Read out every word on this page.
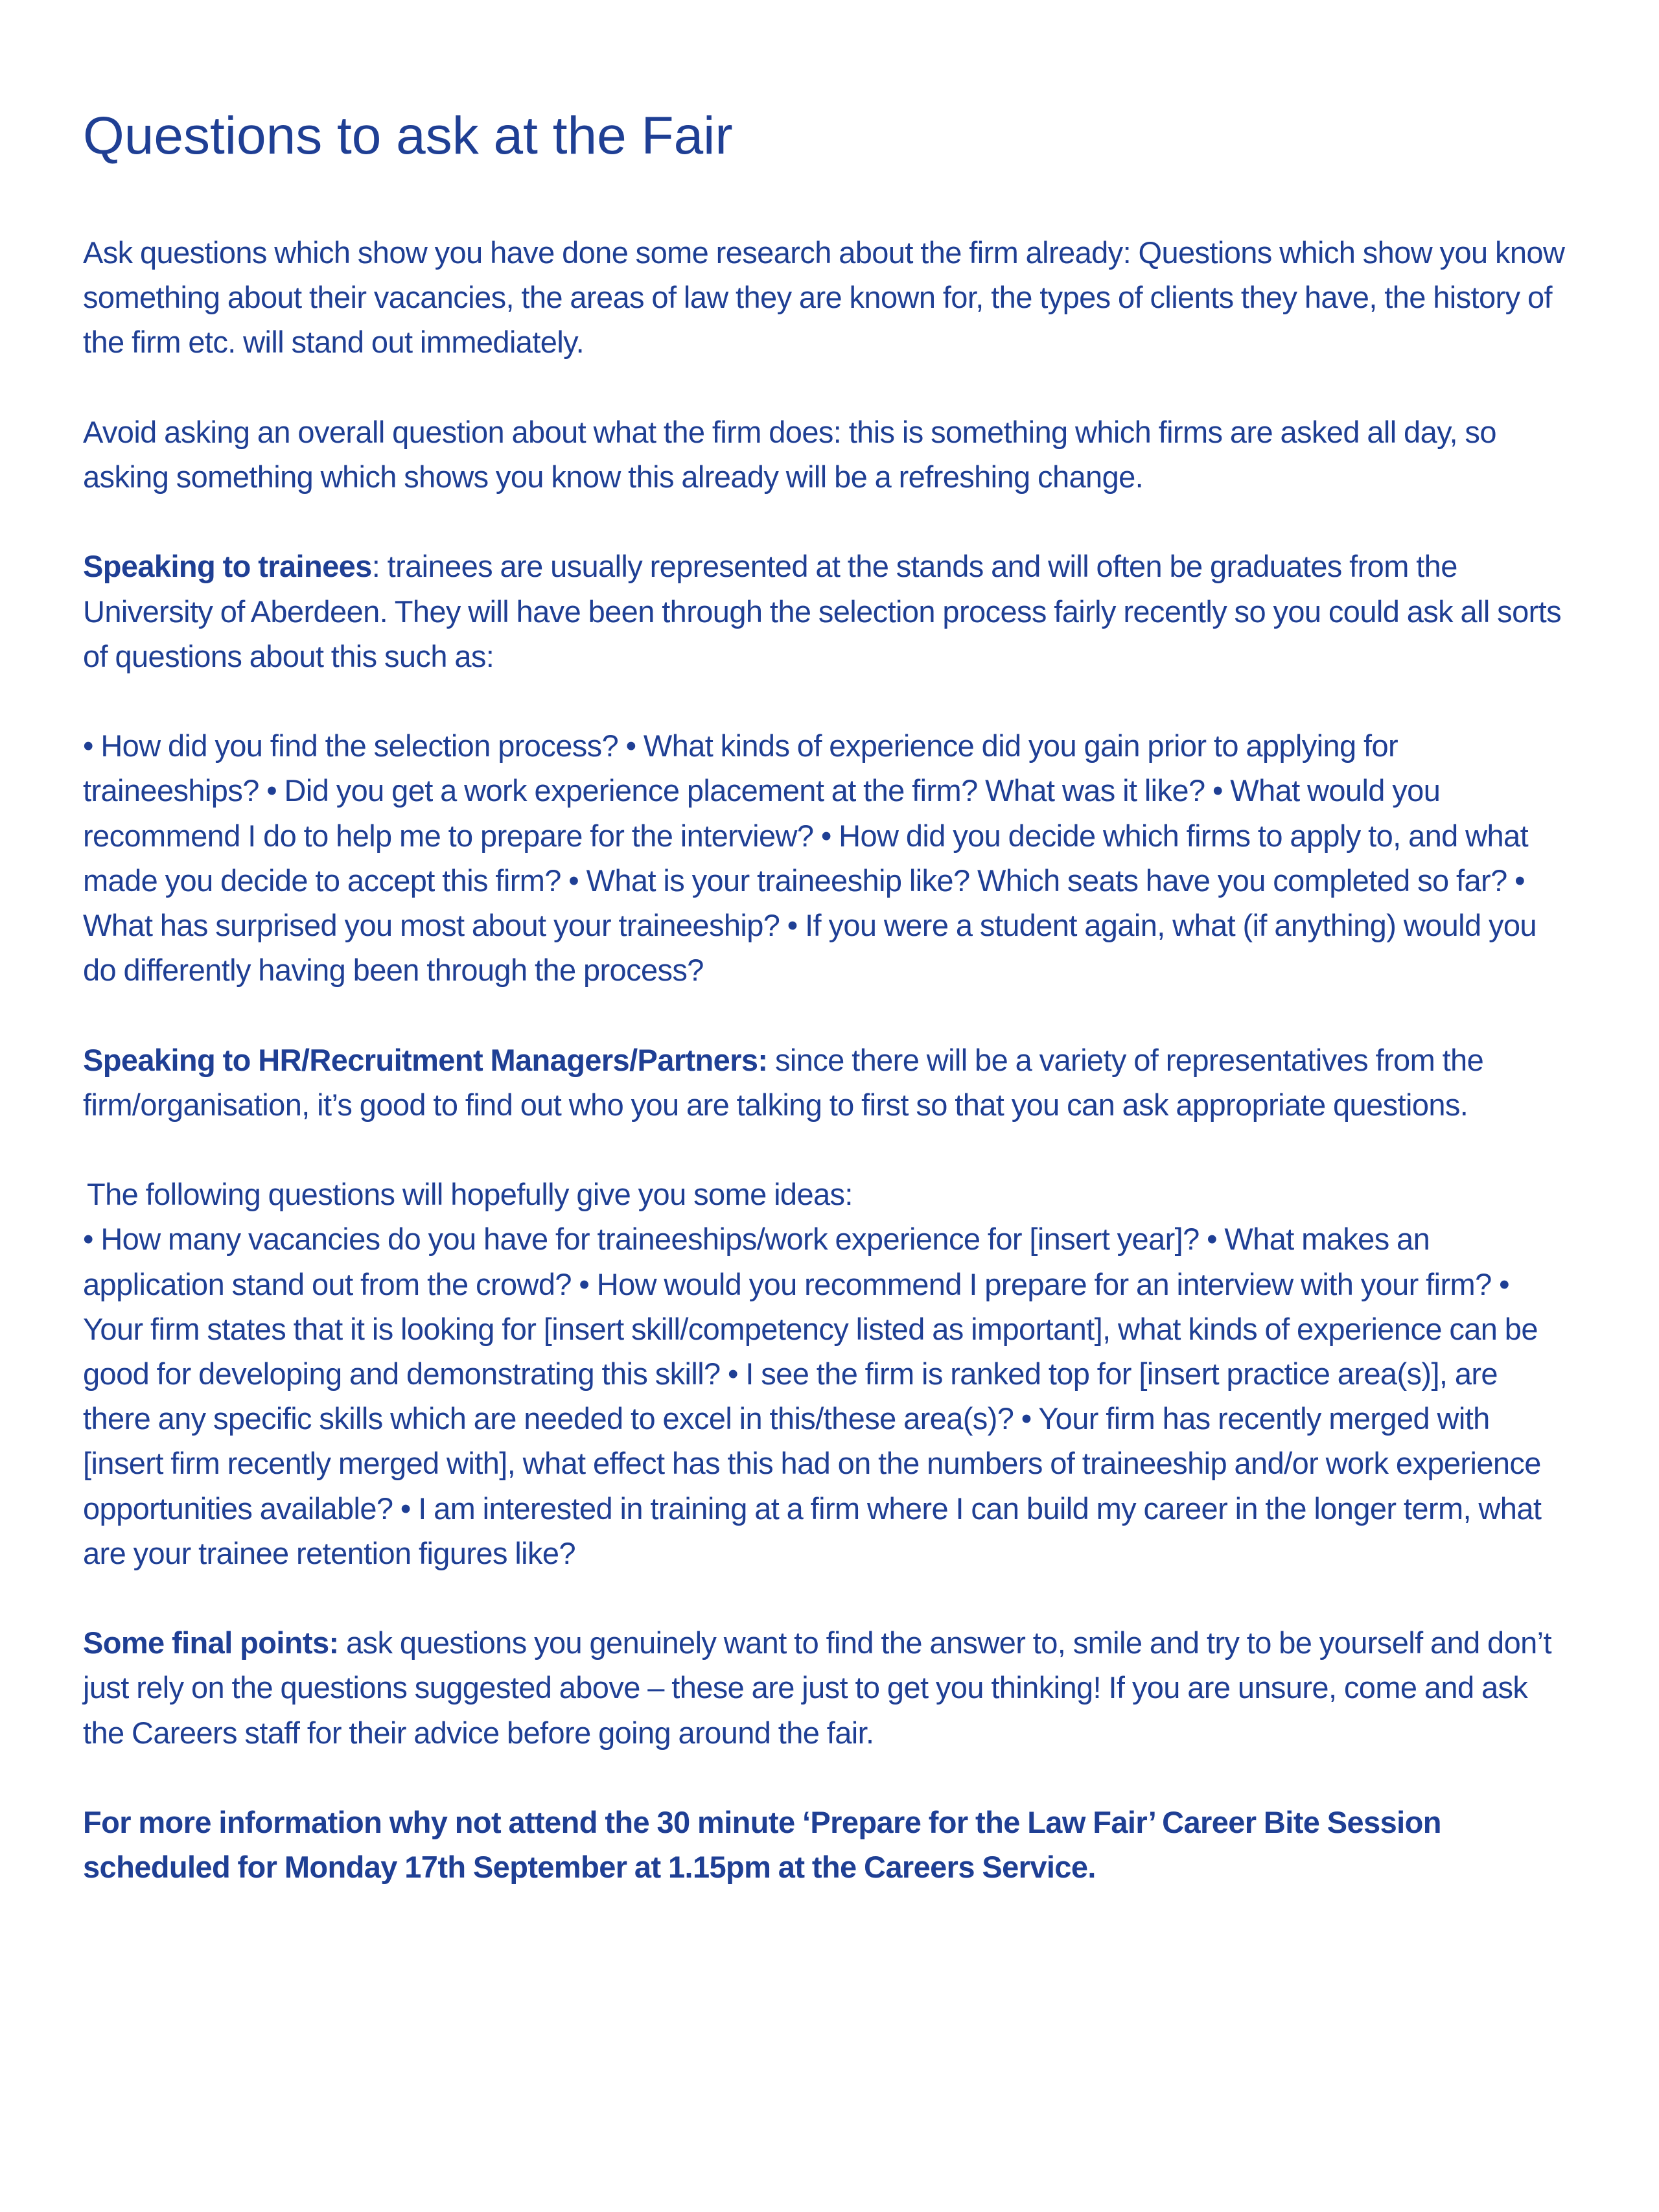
Questions to ask at the Fair

Ask questions which show you have done some research about the firm already: Questions which show you know something about their vacancies, the areas of law they are known for, the types of clients they have, the history of the firm etc. will stand out immediately.

Avoid asking an overall question about what the firm does: this is something which firms are asked all day, so asking something which shows you know this already will be a refreshing change.

Speaking to trainees: trainees are usually represented at the stands and will often be graduates from the University of Aberdeen. They will have been through the selection process fairly recently so you could ask all sorts of questions about this such as:

• How did you find the selection process? • What kinds of experience did you gain prior to applying for traineeships? • Did you get a work experience placement at the firm? What was it like? • What would you recommend I do to help me to prepare for the interview? • How did you decide which firms to apply to, and what made you decide to accept this firm? • What is your traineeship like? Which seats have you completed so far? • What has surprised you most about your traineeship? • If you were a student again, what (if anything) would you do differently having been through the process?

Speaking to HR/Recruitment Managers/Partners: since there will be a variety of representatives from the firm/organisation, it’s good to find out who you are talking to first so that you can ask appropriate questions.

The following questions will hopefully give you some ideas:
• How many vacancies do you have for traineeships/work experience for [insert year]? • What makes an application stand out from the crowd? • How would you recommend I prepare for an interview with your firm? • Your firm states that it is looking for [insert skill/competency listed as important], what kinds of experience can be good for developing and demonstrating this skill? • I see the firm is ranked top for [insert practice area(s)], are there any specific skills which are needed to excel in this/these area(s)? • Your firm has recently merged with [insert firm recently merged with], what effect has this had on the numbers of traineeship and/or work experience opportunities available? • I am interested in training at a firm where I can build my career in the longer term, what are your trainee retention figures like?

Some final points: ask questions you genuinely want to find the answer to, smile and try to be yourself and don’t just rely on the questions suggested above – these are just to get you thinking! If you are unsure, come and ask the Careers staff for their advice before going around the fair.

For more information why not attend the 30 minute ‘Prepare for the Law Fair’ Career Bite Session scheduled for Monday 17th September at 1.15pm at the Careers Service.
